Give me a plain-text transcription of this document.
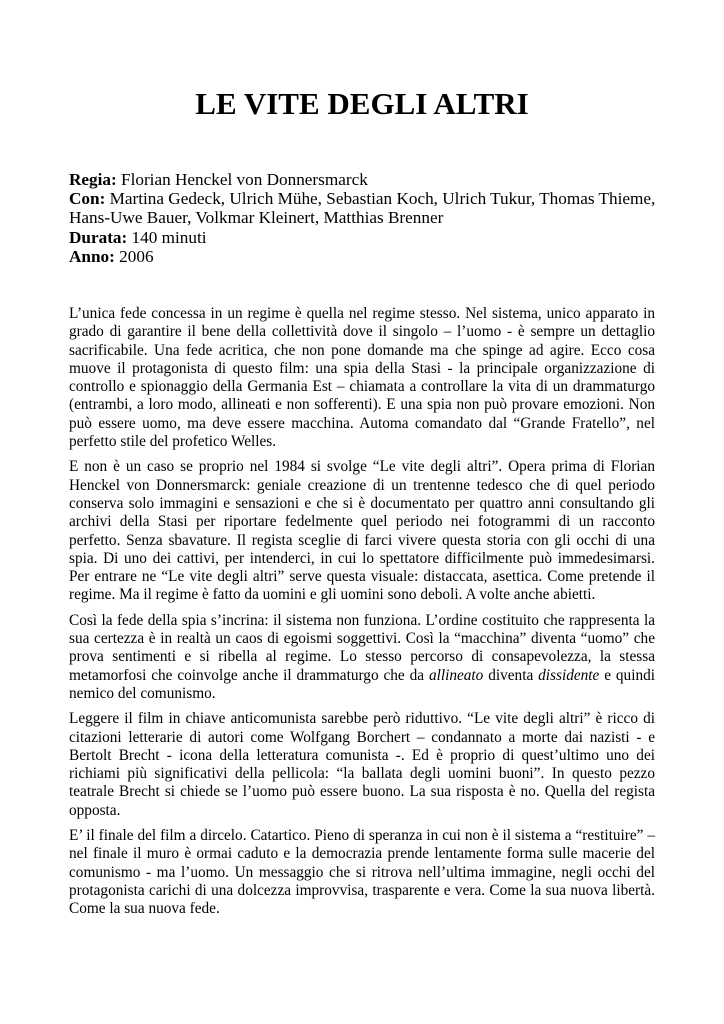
LE VITE DEGLI ALTRI
Regia: Florian Henckel von Donnersmarck
Con: Martina Gedeck, Ulrich Mühe, Sebastian Koch, Ulrich Tukur, Thomas Thieme, Hans-Uwe Bauer, Volkmar Kleinert, Matthias Brenner
Durata: 140 minuti
Anno: 2006

L’unica fede concessa in un regime è quella nel regime stesso. Nel sistema, unico apparato in grado di garantire il bene della collettività dove il singolo – l’uomo - è sempre un dettaglio sacrificabile. Una fede acritica, che non pone domande ma che spinge ad agire. Ecco cosa muove il protagonista di questo film: una spia della Stasi - la principale organizzazione di controllo e spionaggio della Germania Est – chiamata a controllare la vita di un drammaturgo (entrambi, a loro modo, allineati e non sofferenti). E una spia non può provare emozioni. Non può essere uomo, ma deve essere macchina. Automa comandato dal “Grande Fratello”, nel perfetto stile del profetico Welles.

E non è un caso se proprio nel 1984 si svolge “Le vite degli altri”. Opera prima di Florian Henckel von Donnersmarck: geniale creazione di un trentenne tedesco che di quel periodo conserva solo immagini e sensazioni e che si è documentato per quattro anni consultando gli archivi della Stasi per riportare fedelmente quel periodo nei fotogrammi di un racconto perfetto. Senza sbavature. Il regista sceglie di farci vivere questa storia con gli occhi di una spia. Di uno dei cattivi, per intenderci, in cui lo spettatore difficilmente può immedesimarsi. Per entrare ne “Le vite degli altri” serve questa visuale: distaccata, asettica. Come pretende il regime. Ma il regime è fatto da uomini e gli uomini sono deboli. A volte anche abietti.

Così la fede della spia s’incrina: il sistema non funziona. L’ordine costituito che rappresenta la sua certezza è in realtà un caos di egoismi soggettivi. Così la “macchina” diventa “uomo” che prova sentimenti e si ribella al regime. Lo stesso percorso di consapevolezza, la stessa metamorfosi che coinvolge anche il drammaturgo che da allineato diventa dissidente e quindi nemico del comunismo.

Leggere il film in chiave anticomunista sarebbe però riduttivo. “Le vite degli altri” è ricco di citazioni letterarie di autori come Wolfgang Borchert – condannato a morte dai nazisti - e Bertolt Brecht - icona della letteratura comunista -. Ed è proprio di quest’ultimo uno dei richiami più significativi della pellicola: “la ballata degli uomini buoni”. In questo pezzo teatrale Brecht si chiede se l’uomo può essere buono. La sua risposta è no. Quella del regista opposta.

E’ il finale del film a dircelo. Catartico. Pieno di speranza in cui non è il sistema a “restituire” – nel finale il muro è ormai caduto e la democrazia prende lentamente forma sulle macerie del comunismo - ma l’uomo. Un messaggio che si ritrova nell’ultima immagine, negli occhi del protagonista carichi di una dolcezza improvvisa, trasparente e vera. Come la sua nuova libertà. Come la sua nuova fede.
